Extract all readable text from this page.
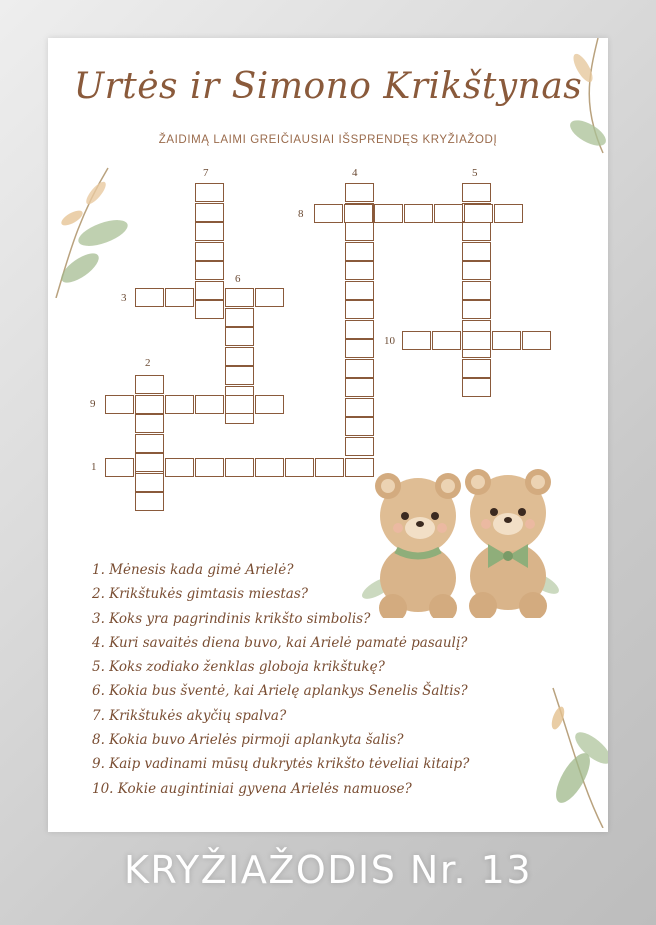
Urtės ir Simono Krikštynas
ŽAIDIMĄ LAIMI GREIČIAUSIAI IŠSPRENDĘS KRYŽIAŽODĮ
1. Mėnesis kada gimė Arielė?
2. Krikštukės gimtasis miestas?
3. Koks yra pagrindinis krikšto simbolis?
4. Kuri savaitės diena buvo, kai Arielė pamatė pasaulį?
5. Koks zodiako ženklas globoja krikštukę?
6. Kokia bus šventė, kai Arielę aplankys Senelis Šaltis?
7. Krikštukės akyčių spalva?
8. Kokia buvo Arielės pirmoji aplankyta šalis?
9. Kaip vadinami mūsų dukrytės krikšto tėveliai kitaip?
10. Kokie augintiniai gyvena Arielės namuose?
1
2
3
4	5
6
7
8
9
10
KRYŽIAŽODIS Nr. 13
